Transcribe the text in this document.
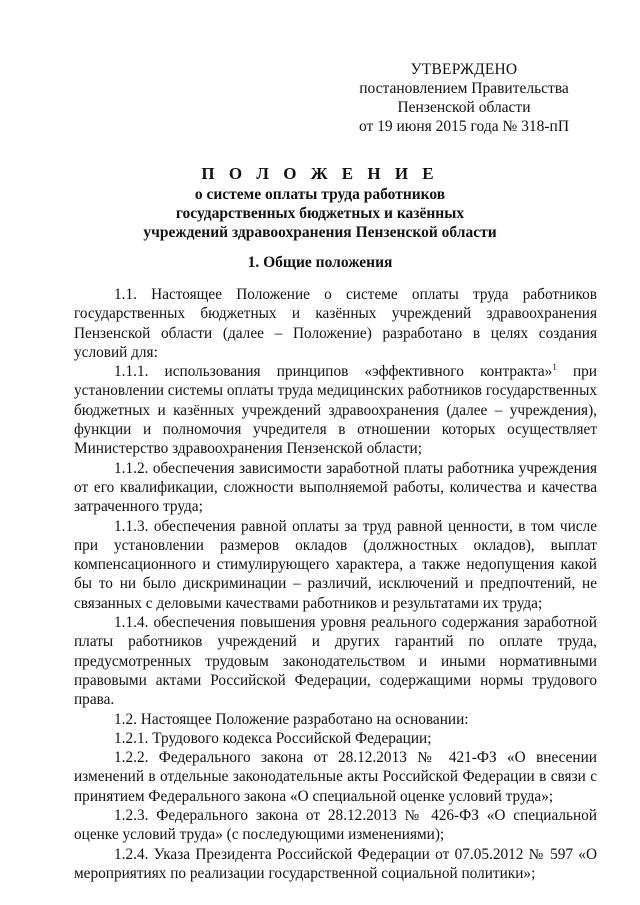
УТВЕРЖДЕНО
постановлением Правительства
Пензенской области
от 19 июня 2015 года № 318-пП
П О Л О Ж Е Н И Е
о системе оплаты труда работников
государственных бюджетных и казённых
учреждений здравоохранения Пензенской области
1. Общие положения

1.1. Настоящее Положение о системе оплаты труда работников государственных бюджетных и казённых учреждений здравоохранения Пензенской области (далее – Положение) разработано в целях создания условий для:

1.1.1. использования принципов «эффективного контракта»$^1$ при установлении системы оплаты труда медицинских работников государственных бюджетных и казённых учреждений здравоохранения (далее – учреждения), функции и полномочия учредителя в отношении которых осуществляет Министерство здравоохранения Пензенской области;

1.1.2. обеспечения зависимости заработной платы работника учреждения от его квалификации, сложности выполняемой работы, количества и качества затраченного труда;

1.1.3. обеспечения равной оплаты за труд равной ценности, в том числе при установлении размеров окладов (должностных окладов), выплат компенсационного и стимулирующего характера, а также недопущения какой бы то ни было дискриминации – различий, исключений и предпочтений, не связанных с деловыми качествами работников и результатами их труда;

1.1.4. обеспечения повышения уровня реального содержания заработной платы работников учреждений и других гарантий по оплате труда, предусмотренных трудовым законодательством и иными нормативными правовыми актами Российской Федерации, содержащими нормы трудового права.

1.2. Настоящее Положение разработано на основании:

1.2.1. Трудового кодекса Российской Федерации;

1.2.2. Федерального закона от 28.12.2013 № 421-ФЗ «О внесении изменений в отдельные законодательные акты Российской Федерации в связи с принятием Федерального закона «О специальной оценке условий труда»;

1.2.3. Федерального закона от 28.12.2013 № 426-ФЗ «О специальной оценке условий труда» (с последующими изменениями);

1.2.4. Указа Президента Российской Федерации от 07.05.2012 № 597 «О мероприятиях по реализации государственной социальной политики»;
